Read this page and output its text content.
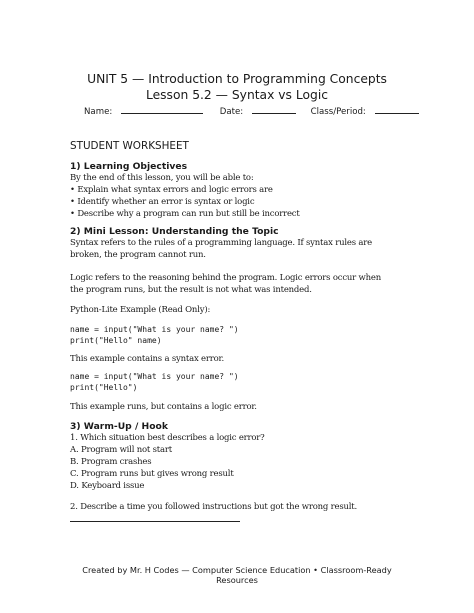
UNIT 5 — Introduction to Programming Concepts
Lesson 5.2 — Syntax vs Logic
Name:	Date:	Class/Period:
STUDENT WORKSHEET
1) Learning Objectives
By the end of this lesson, you will be able to:
• Explain what syntax errors and logic errors are
• Identify whether an error is syntax or logic
• Describe why a program can run but still be incorrect
2) Mini Lesson: Understanding the Topic
Syntax refers to the rules of a programming language. If syntax rules are
broken, the program cannot run.
Logic refers to the reasoning behind the program. Logic errors occur when
the program runs, but the result is not what was intended.
Python-Lite Example (Read Only):
name = input("What is your name? ")
print("Hello" name)
This example contains a syntax error.
name = input("What is your name? ")
print("Hello")
This example runs, but contains a logic error.
3) Warm-Up / Hook
1. Which situation best describes a logic error?
A. Program will not start
B. Program crashes
C. Program runs but gives wrong result
D. Keyboard issue
2. Describe a time you followed instructions but got the wrong result.
Created by Mr. H Codes — Computer Science Education • Classroom-Ready
Resources
